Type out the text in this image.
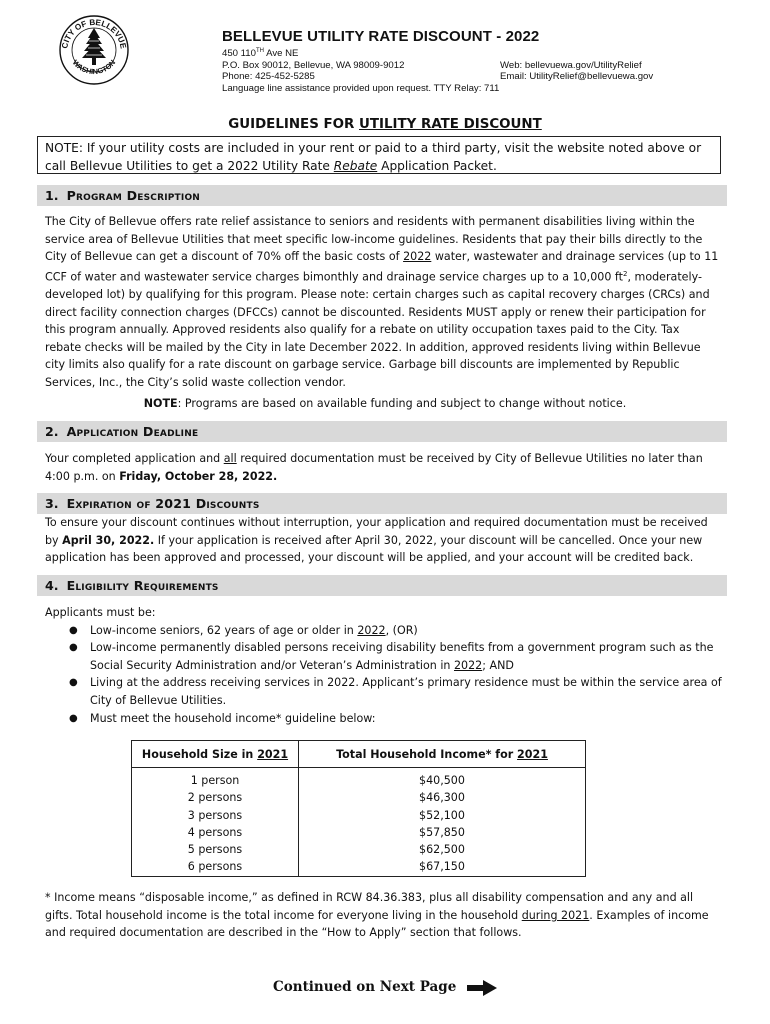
CITY OF BELLEVUE
WASHINGTON
BELLEVUE UTILITY RATE DISCOUNT - 2022
450 110TH Ave NE
P.O. Box 90012, Bellevue, WA 98009-9012	Web: bellevuewa.gov/UtilityRelief
Phone: 425-452-5285	Email: UtilityRelief@bellevuewa.gov
Language line assistance provided upon request. TTY Relay: 711
GUIDELINES FOR UTILITY RATE DISCOUNT
NOTE: If your utility costs are included in your rent or paid to a third party, visit the website noted above or
call Bellevue Utilities to get a 2022 Utility Rate Rebate Application Packet.
1. Program Description
The City of Bellevue offers rate relief assistance to seniors and residents with permanent disabilities living within the
service area of Bellevue Utilities that meet specific low-income guidelines. Residents that pay their bills directly to the
City of Bellevue can get a discount of 70% off the basic costs of 2022 water, wastewater and drainage services (up to 11
CCF of water and wastewater service charges bimonthly and drainage service charges up to a 10,000 $ft^2$, moderately-
developed lot) by qualifying for this program. Please note: certain charges such as capital recovery charges (CRCs) and
direct facility connection charges (DFCCs) cannot be discounted. Residents MUST apply or renew their participation for
this program annually. Approved residents also qualify for a rebate on utility occupation taxes paid to the City. Tax
rebate checks will be mailed by the City in late December 2022. In addition, approved residents living within Bellevue
city limits also qualify for a rate discount on garbage service. Garbage bill discounts are implemented by Republic
Services, Inc., the City’s solid waste collection vendor.
NOTE: Programs are based on available funding and subject to change without notice.
2. Application Deadline
Your completed application and all required documentation must be received by City of Bellevue Utilities no later than
4:00 p.m. on Friday, October 28, 2022.
3. Expiration of 2021 Discounts
To ensure your discount continues without interruption, your application and required documentation must be received
by April 30, 2022. If your application is received after April 30, 2022, your discount will be cancelled. Once your new
application has been approved and processed, your discount will be applied, and your account will be credited back.
4. Eligibility Requirements
Applicants must be:
● Low-income seniors, 62 years of age or older in 2022, (OR)
● Low-income permanently disabled persons receiving disability benefits from a government program such as the
Social Security Administration and/or Veteran’s Administration in 2022; AND
● Living at the address receiving services in 2022. Applicant’s primary residence must be within the service area of
City of Bellevue Utilities.
● Must meet the household income* guideline below:
Household Size in 2021	Total Household Income* for 2021
1 person	$40,500
2 persons	$46,300
3 persons	$52,100
4 persons	$57,850
5 persons	$62,500
6 persons	$67,150
* Income means “disposable income,” as defined in RCW 84.36.383, plus all disability compensation and any and all
gifts. Total household income is the total income for everyone living in the household during 2021. Examples of income
and required documentation are described in the “How to Apply” section that follows.
Continued on Next Page
